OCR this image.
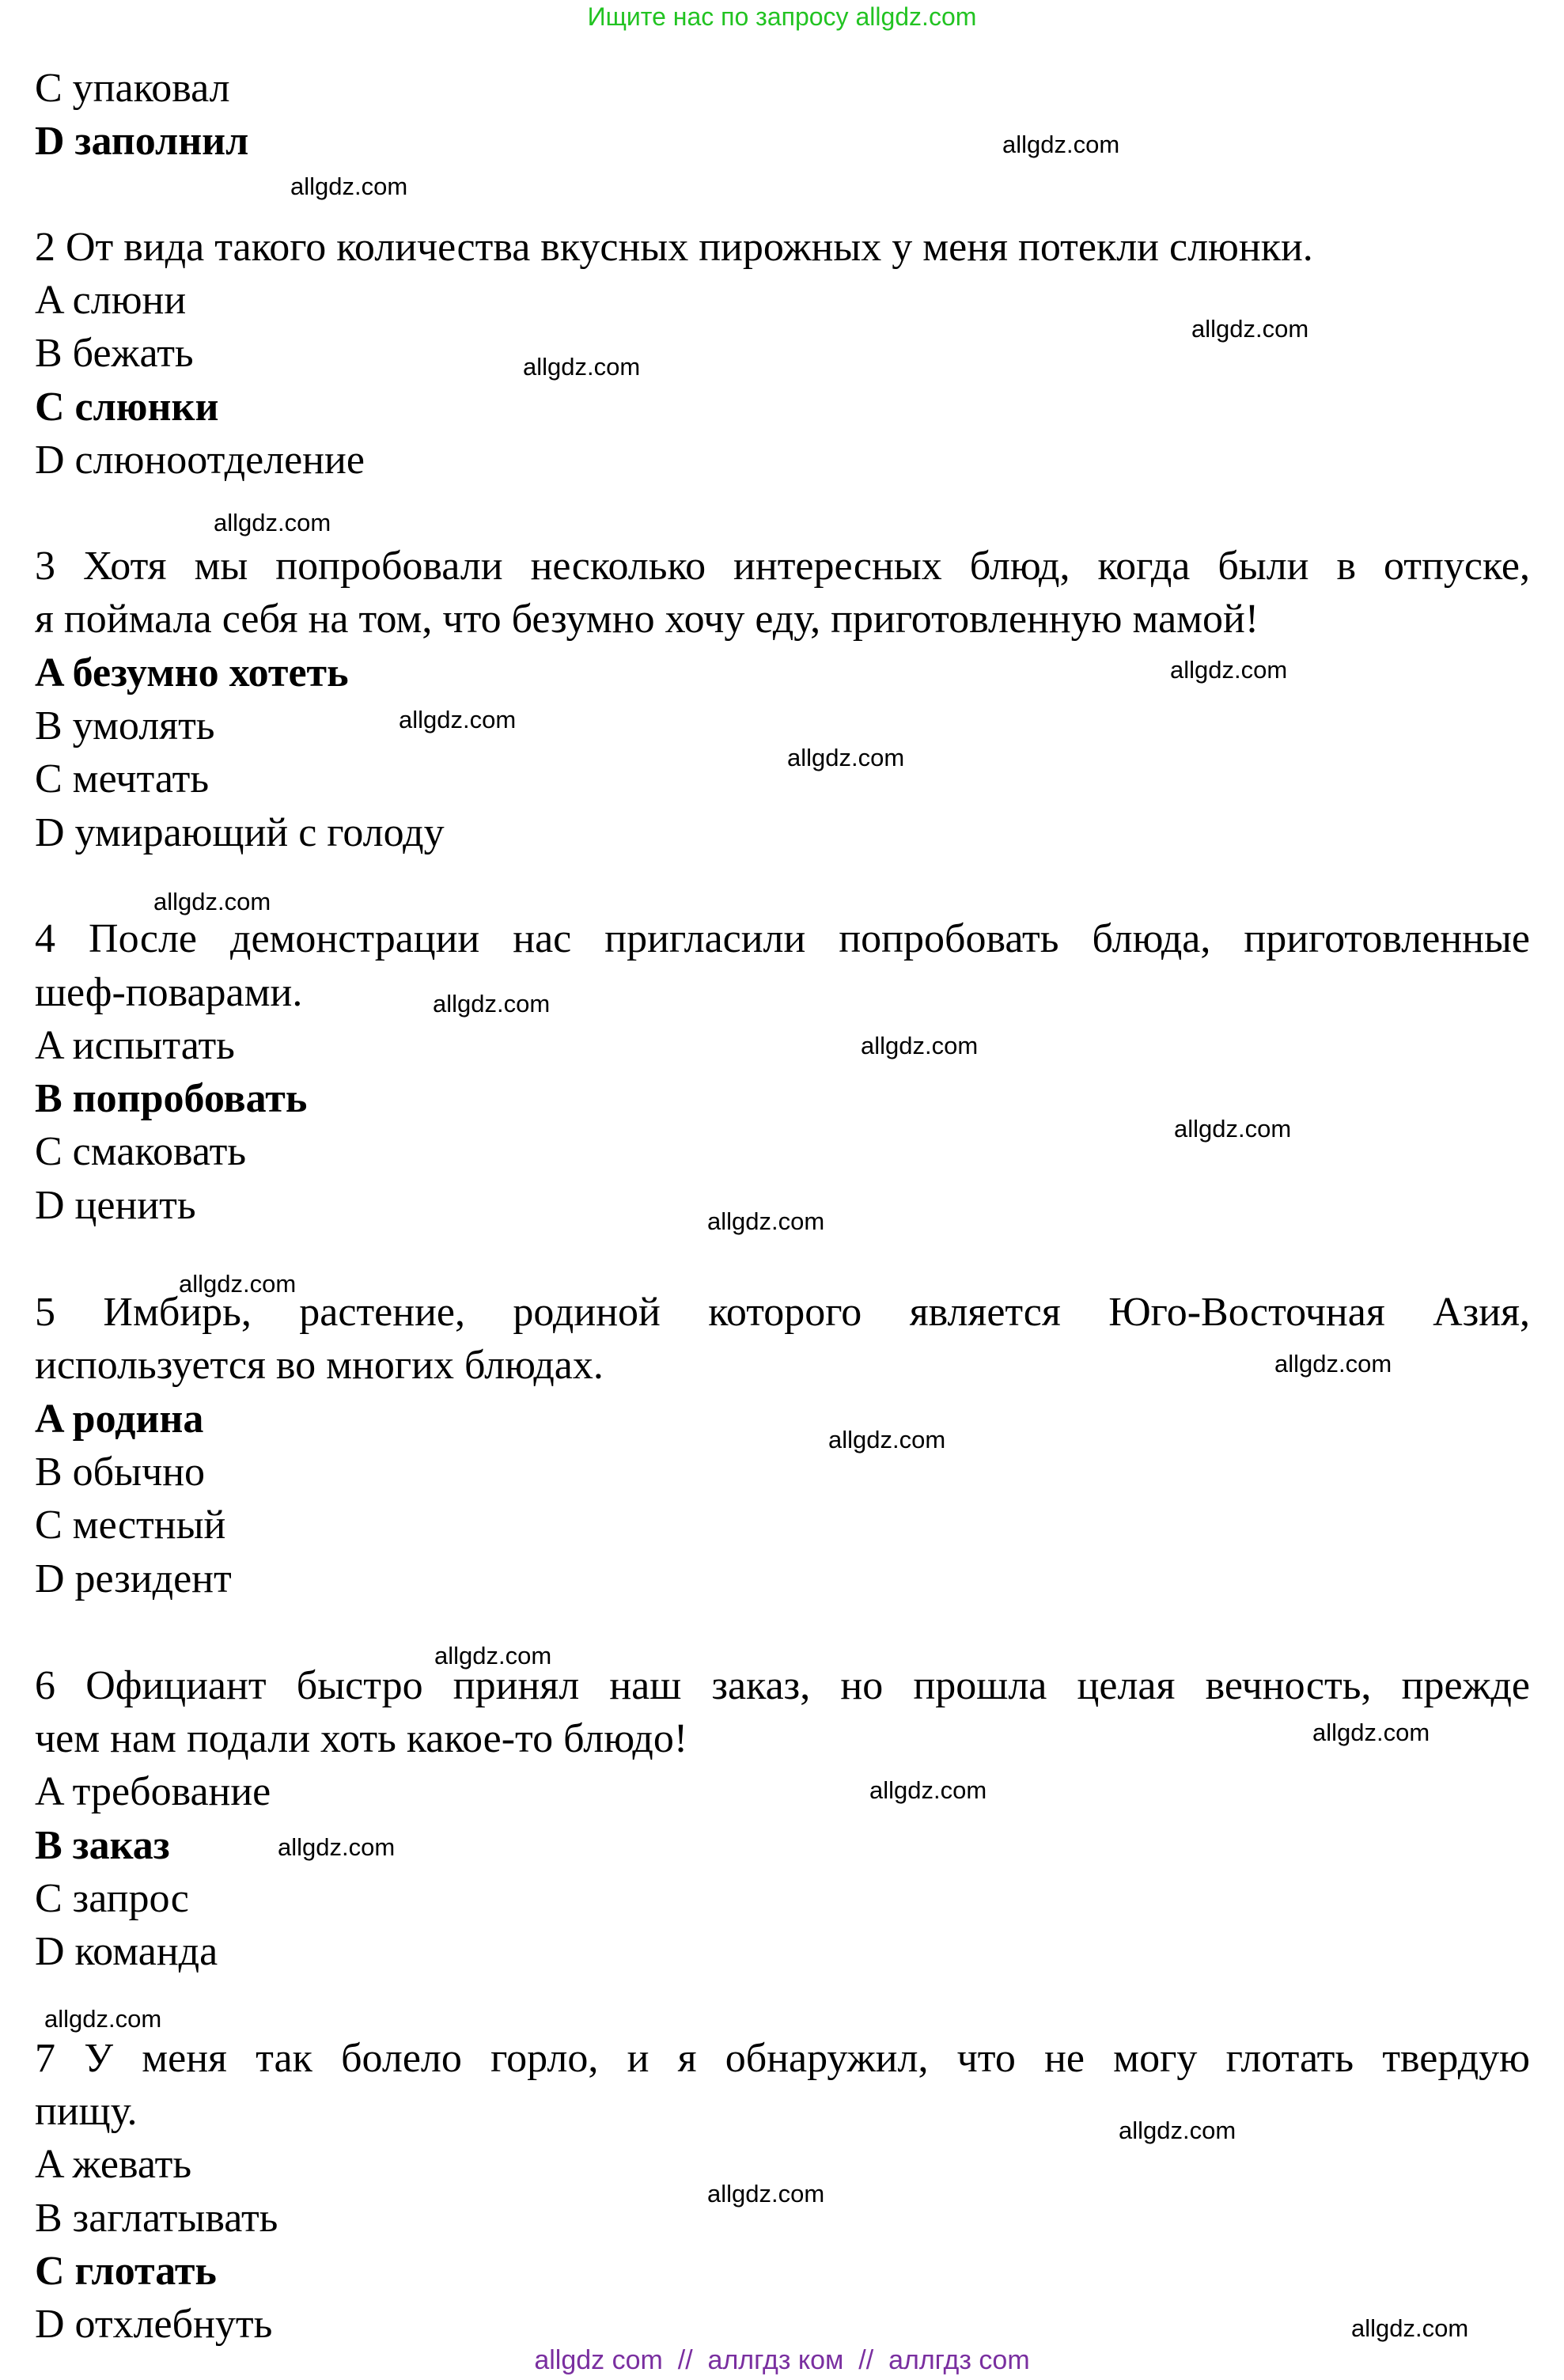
Ищите нас по запросу allgdz.com
C упаковал
D заполнил
2 От вида такого количества вкусных пирожных у меня потекли слюнки.
A слюни
B бежать
C слюнки
D слюноотделение
3 Хотя мы попробовали несколько интересных блюд, когда были в отпуске,
я поймала себя на том, что безумно хочу еду, приготовленную мамой!
A безумно хотеть
B умолять
C мечтать
D умирающий с голоду
4 После демонстрации нас пригласили попробовать блюда, приготовленные
шеф-поварами.
A испытать
B попробовать
C смаковать
D ценить
5 Имбирь, растение, родиной которого является Юго-Восточная Азия,
используется во многих блюдах.
A родина
B обычно
C местный
D резидент
6 Официант быстро принял наш заказ, но прошла целая вечность, прежде
чем нам подали хоть какое-то блюдо!
A требование
B заказ
C запрос
D команда
7 У меня так болело горло, и я обнаружил, что не могу глотать твердую
пищу.
A жевать
B заглатывать
C глотать
D отхлебнуть
allgdz.com
allgdz.com
allgdz.com
allgdz.com
allgdz.com
allgdz.com
allgdz.com
allgdz.com
allgdz.com
allgdz.com
allgdz.com
allgdz.com
allgdz.com
allgdz.com
allgdz.com
allgdz.com
allgdz.com
allgdz.com
allgdz.com
allgdz.com
allgdz.com
allgdz.com
allgdz.com
allgdz.com
allgdz com  //  аллгдз ком  //  аллгдз com
